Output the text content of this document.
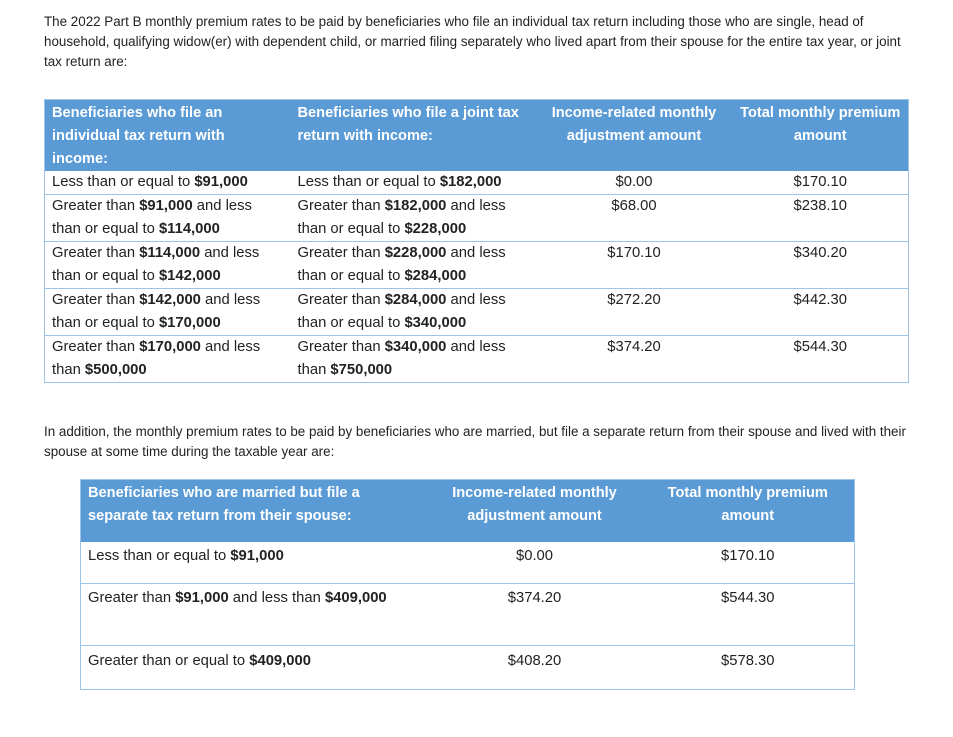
The 2022 Part B monthly premium rates to be paid by beneficiaries who file an individual tax return including those who are single, head of household, qualifying widow(er) with dependent child, or married filing separately who lived apart from their spouse for the entire tax year, or joint tax return are:

Beneficiaries who file an individual tax return with income:	Beneficiaries who file a joint tax return with income:	Income-related monthly adjustment amount	Total monthly premium amount
Less than or equal to $91,000	Less than or equal to $182,000	$0.00	$170.10
Greater than $91,000 and less than or equal to $114,000	Greater than $182,000 and less than or equal to $228,000	$68.00	$238.10
Greater than $114,000 and less than or equal to $142,000	Greater than $228,000 and less than or equal to $284,000	$170.10	$340.20
Greater than $142,000 and less than or equal to $170,000	Greater than $284,000 and less than or equal to $340,000	$272.20	$442.30
Greater than $170,000 and less than $500,000	Greater than $340,000 and less than $750,000	$374.20	$544.30

In addition, the monthly premium rates to be paid by beneficiaries who are married, but file a separate return from their spouse and lived with their spouse at some time during the taxable year are:

Beneficiaries who are married but file a separate tax return from their spouse:	Income-related monthly adjustment amount	Total monthly premium amount
Less than or equal to $91,000	$0.00	$170.10
Greater than $91,000 and less than $409,000	$374.20	$544.30
Greater than or equal to $409,000	$408.20	$578.30
